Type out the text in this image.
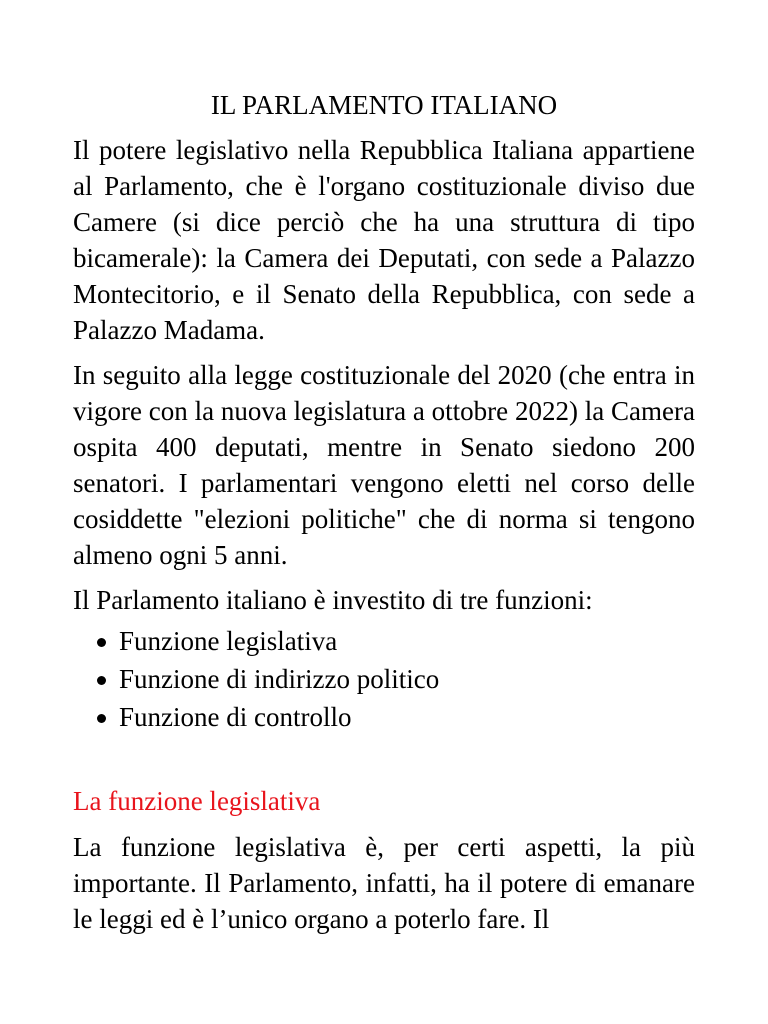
IL PARLAMENTO ITALIANO

Il potere legislativo nella Repubblica Italiana appartiene al Parlamento, che è l'organo costituzionale diviso due Camere (si dice perciò che ha una struttura di tipo bicamerale): la Camera dei Deputati, con sede a Palazzo Montecitorio, e il Senato della Repubblica, con sede a Palazzo Madama.

In seguito alla legge costituzionale del 2020 (che entra in vigore con la nuova legislatura a ottobre 2022) la Camera ospita 400 deputati, mentre in Senato siedono 200 senatori. I parlamentari vengono eletti nel corso delle cosiddette "elezioni politiche" che di norma si tengono almeno ogni 5 anni.

Il Parlamento italiano è investito di tre funzioni:

Funzione legislativa
Funzione di indirizzo politico
Funzione di controllo
La funzione legislativa

La funzione legislativa è, per certi aspetti, la più importante. Il Parlamento, infatti, ha il potere di emanare le leggi ed è l’unico organo a poterlo fare. Il
